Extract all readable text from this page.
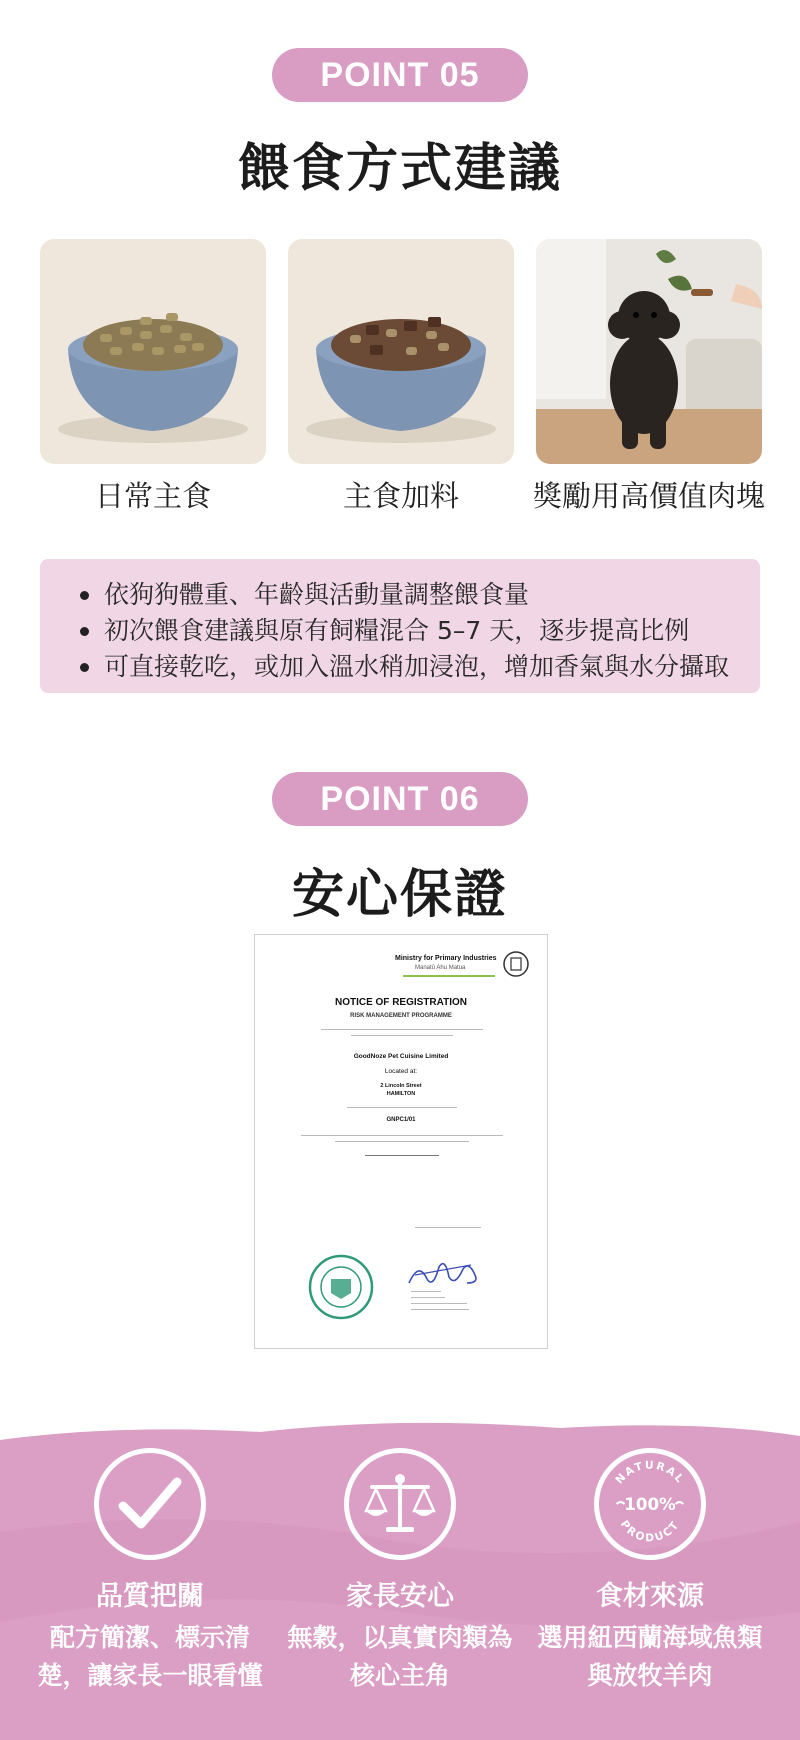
POINT 05
餵食方式建議
日常主食	主食加料	獎勵用高價值肉塊
依狗狗體重、年齡與活動量調整餵食量
初次餵食建議與原有飼糧混合 5–7 天，逐步提高比例
可直接乾吃，或加入溫水稍加浸泡，增加香氣與水分攝取
POINT 06
安心保證
Ministry for Primary Industries
Manatū Ahu Matua
NOTICE OF REGISTRATION
RISK MANAGEMENT PROGRAMME
GoodNoze Pet Cuisine Limited
Located at:
2 Lincoln Street
HAMILTON
GNPC1/01
品質把關
配方簡潔、標示清楚，讓家長一眼看懂
家長安心
無穀，以真實肉類為核心主角
NATURAL
PRODUCT
100%
食材來源
選用紐西蘭海域魚類與放牧羊肉
